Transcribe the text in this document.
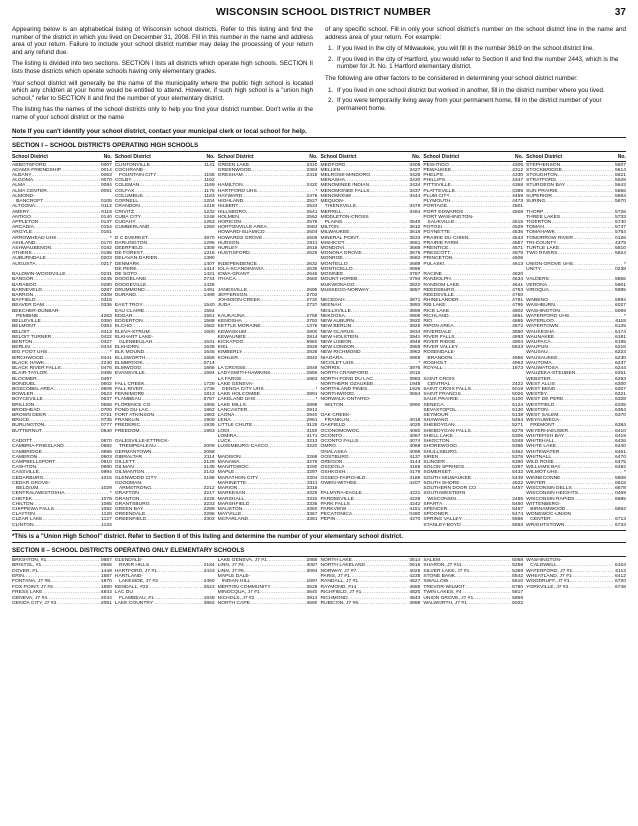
WISCONSIN SCHOOL DISTRICT NUMBER	37

Appearing below is an alphabetical listing of Wisconsin school districts. Refer to this listing and find the number of the district in which you lived on December 31, 2008. Fill in this number in the name and address area of your return. Failure to include your school district number may delay the processing of your return and any refund due.

The listing is divided into two sections. SECTION I lists all districts which operate high schools. SECTION II lists those districts which operate schools having only elementary grades.

Your school district will generally be the name of the municipality where the public high school is located which any children at your home would be entitled to attend. However, if such high school is a "union high school," refer to SECTION II and find the number of your elementary district.

The listing has the names of the school districts only to help you find your district number. Don't write in the name of your school district or the name

of any specific school. Fill in only your school district's number on the school district line in the name and address area of your return. For example:

1. If you lived in the city of Milwaukee, you will fill in the number 3619 on the school district line.
2. If you lived in the city of Hartford, you would refer to Section II and find the number 2443, which is the number for Jt. No. 1 Hartford elementary district.

The following are other factors to be considered in determining your school district number:

1. If you lived in one school district but worked in another, fill in the district number where you lived.
2. If you were temporarily living away from your permanent home, fill in the district number of your permanent home.
Note If you can't identify your school district, contact your municipal clerk or local school for help.
SECTION I – SCHOOL DISTRICTS OPERATING HIGH SCHOOLS
School District	No.
ABBOTSFORD .....	0007
ADAMS-FRIENDSHIP .....	0014
ALBANY .....	0063
ALGOMA .....	0070
ALMA .....	0084
ALMA CENTER .....	0091
ALMOND-
BANCROFT .....	0105
ALTOONA .....	0112
AMERY .....	0119
ANTIGO .....	0140
APPLETON .....	0147
ARCADIA .....	0154
ARGYLE .....	0161
ARROWHEAD UHS .....	*
ASHLAND .....	0170
ASHWAUBENON .....	0182
ATHENS .....	0196
AUBURNDALE .....	0203
AUGUSTA .....	0217

BALDWIN-WOODVILLE .....	0231
BANGOR .....	0245
BARABOO .....	0280
BARNEVELD .....	0287
BARRON .....	0308
BAYFIELD .....	0315
BEAVER DAM .....	0336
BEECHER-DUNBAR-
PEMBINE .....	4263
BELLEVILLE .....	0350
BELMONT .....	0364
BELOIT .....	0413
BELOIT TURNER .....	0422
BENTON .....	0427
BERLIN .....	0434
BIG FOOT UHS .....	*
BIRCHWOOD .....	0441
BLACK HAWK .....	2240
BLACK RIVER FALLS .....	0476
BLAIR-TAYLOR .....	0485
BLOOMER .....	0497
BONDUEL .....	0602
BOSCOBEL AREA .....	0609
BOWLER .....	0623
BOYCEVILLE .....	0637
BRILLION .....	0658
BRODHEAD .....	0700
BROWN DEER .....	0721
BRUCE .....	0735
BURLINGTON .....	0777
BUTTERNUT .....	0840

CADOTT .....	0870
CAMBRIA-FRIESLAND .....	0882
CAMBRIDGE .....	0896
CAMERON .....	0903
CAMPBELLSPORT .....	0910
CASHTON .....	0980
CASSVILLE .....	0994
CEDARBURG .....	1015
CEDAR GROVE-
BELGIUM .....	1029
CENTRAL/WESTOSHA .....	*
CHETEK .....	1078
CHILTON .....	1085
CHIPPEWA FALLS .....	1092
CLAYTON .....	1120
CLEAR LAKE .....	1127
CLINTON .....	1134
School District	No.
CLINTONVILLE .....	1141
COCHRANE-
FOUNTAIN CITY .....	1155
COLBY .....	1162
COLEMAN .....	1169
COLFAX .....	1176
COLUMBUS .....	1183
CORNELL .....	1204
CRANDON .....	1218
CRIVITZ .....	1232
CUBA CITY .....	1246
CUDAHY .....	1253
CUMBERLAND .....	1260

D C EVEREST .....	4970
DARLINGTON .....	1295
DEERFIELD .....	1309
DE FOREST .....	1316
DELAVAN-DARIEN .....	1380
DENMARK .....	1407
DE PERE .....	1414
DE SOTO .....	1421
DODGELAND .....	2744
DODGEVILLE .....	1428
DRUMMOND .....	1491
DURAND .....	1499

EAST TROY .....	1540
EAU CLAIRE .....	1554
EDGAR .....	1561
EDGERTON .....	1568
ELCHO .....	1582
ELEVA-STRUM .....	1600
ELKHART LAKE-
GLENBEULAH .....	1631
ELKHORN .....	1638
ELK MOUND .....	1645
ELLSWORTH .....	1659
ELMBROOK .....	0714
ELMWOOD .....	1666
EVANSVILLE .....	1694

FALL CREEK .....	1729
FALL RIVER .....	1736
FENNIMORE .....	1813
FLAMBEAU .....	5757
FLORENCE CO .....	1855
FOND DU LAC .....	1862
FORT ATKINSON .....	1883
FRANKLIN .....	1900
FREDERIC .....	1939
FREEDOM .....	1953

GALESVILLE-ETTRICK-
TREMPEALEAU .....	2009
GERMANTOWN .....	2058
GIBRALTAR .....	2114
GILLETT .....	2128
GILMAN .....	2135
GILMANTON .....	2142
GLENWOOD CITY .....	2198
GOODMAN-
ARMSTRONG .....	2212
GRAFTON .....	2217
GRANTON .....	2226
GRANTSBURG .....	2233
GREEN BAY .....	2289
GREENDALE .....	2296
GREENFIELD .....	2303
School District	No.
GREEN LAKE .....	2310
GREENWOOD .....	2394
GRESHAM .....	2415

HAMILTON .....	2420
HARTFORD UHS .....	*
HAYWARD .....	2478
HIGHLAND .....	2527
HILBERT .....	2534
HILLSBORO .....	2541
HOLMEN .....	2562
HORICON .....	2576
HORTONVILLE AREA .....	2583
HOWARD-SUAMICO .....	2604
HOWARDS GROVE .....	2605
HUDSON .....	2611
HURLEY .....	2618
HUSTISFORD .....	2625

INDEPENDENCE .....	2632
IOLA-SCANDINAVIA .....	2639
IOWA-GRANT .....	2646
ITHACA .....	2660

JANESVILLE .....	2695
JEFFERSON .....	2702
JOHNSON CREEK .....	2730
JUDA .....	2737

KAUKAUNA .....	2758
KENOSHA .....	2793
KETTLE MORAINE .....	1376
KEWASKUM .....	2800
KEWAUNEE .....	2814
KICKAPOO .....	5960
KIEL .....	2828
KIMBERLY .....	2835
KOHLER .....	2842

LA CROSSE .....	2849
LADYSMITH-HAWKINS .....	2856
LA FARGE .....	2863
LAKE GENEVA-
GENOA CITY UHS .....	*
LAKE HOLCOMBE .....	2891
LAKELAND UHS .....	*
LAKE MILLS .....	2898
LANCASTER .....	2912
LAONA .....	2940
LENA .....	2961
LITTLE CHUTE .....	3129
LODI .....	3150
LOMIRA .....	3171
LUCK .....	3213
LUXEMBURG-CASCO .....	3220

MADISON .....	3269
MANAWA .....	3276
MANITOWOC .....	3290
MAPLE .....	3297
MARATHON CITY .....	3304
MARINETTE .....	3311
MARION .....	3318
MARKESAN .....	3325
MARSHALL .....	3332
MARSHFIELD .....	3339
MAUSTON .....	3360
MAYVILLE .....	3367
MCFARLAND .....	3381
School District	No.
MEDFORD .....	3409
MELLEN .....	3427
MELROSE-MINDORO .....	3428
MENASHA .....	3430
MENOMINEE INDIAN .....	3434
MENOMONEE FALLS .....	3437
MENOMONIE .....	3444
MEQUON-
THIENSVILLE .....	3479
MERRILL .....	3484
MIDDLETON-CROSS
PLAINS .....	3549
MILTON .....	3612
MILWAUKEE .....	3619
MINERAL POINT .....	3633
MISHICOT .....	3661
MONDOVI .....	3668
MONONA GROVE .....	3675
MONROE .....	3682
MONTELLO .....	3689
MONTICELLO .....	3696
MOSINEE .....	3787
MOUNT HOREB .....	3794
MUKWONAGO .....	3822
MUSKEGO-NORWAY .....	3857

NECEDAH .....	3871
NEENAH .....	3892
NEILLSVILLE .....	3899
NEKOOSA .....	3906
NEW AUBURN .....	3920
NEW BERLIN .....	3925
NEW GLARUS .....	3934
NEW HOLSTEIN .....	3941
NEW LISBON .....	3948
NEW LONDON .....	3955
NEW RICHMOND .....	3962
NIAGARA .....	3969
NICOLET UHS .....	*
NORRIS .....	3976
NORTH CRAWFORD .....	2016
NORTH FOND DU LAC .....	3983
NORTHERN OZAUKEE .....	1945
NORTHLAND PINES .....	1526
NORTHWOOD .....	3654
NORWALK-ONTARIO-
WILTON .....	3990

OAK CREEK-
FRANKLIN .....	4018
OAKFIELD .....	4025
OCONOMOWOC .....	4060
OCONTO .....	4067
OCONTO FALLS .....	4074
OMRO .....	4088
ONALASKA .....	4095
OOSTBURG .....	4137
OREGON .....	4144
OSCEOLA .....	4165
OSHKOSH .....	4179
OSSEO-FAIRCHILD .....	4186
OWEN-WITHEE .....	4207

PALMYRA-EAGLE .....	4221
PARDEEVILLE .....	4228
PARK FALLS .....	4242
PARKVIEW .....	4151
PECATONICA .....	0490
PEPIN .....	4270
School District	No.
PESHTIGO .....	4305
PEWAUKEE .....	4312
PHELPS .....	4330
PHILLIPS .....	4347
PITTSVILLE .....	4368
PLATTEVILLE .....	4389
PLUM CITY .....	4459
PLYMOUTH .....	4473
PORTAGE .....	4501
PORT EDWARDS .....	4508
PORT WASHINGTON-
SAUKVILLE .....	4515
POTOSI .....	4529
POYNETTE .....	4536
PRAIRIE DU CHIEN .....	4543
PRAIRIE FARM .....	4557
PRENTICE .....	4571
PRESCOTT .....	4578
PRINCETON .....	4606
PULASKI .....	4613

RACINE .....	4620
RANDOLPH .....	4634
RANDOM LAKE .....	4641
REEDSBURG .....	4753
REEDSVILLE .....	4760
RHINELANDER .....	4781
RIB LAKE .....	4795
RICE LAKE .....	4802
RICHLAND .....	4851
RIO .....	4865
RIPON AREA .....	4872
RIVERDALE .....	3850
RIVER FALLS .....	4893
RIVER RIDGE .....	4904
RIVER VALLEY .....	5523
ROSENDALE-
BRANDON .....	4956
ROSHOLT .....	4963
ROYALL .....	1673

SAINT CROIX
CENTRAL .....	2422
SAINT CROIX FALLS .....	5019
SAINT FRANCIS .....	5026
SAUK PRAIRIE .....	5100
SENECA .....	5124
SEVASTOPOL .....	5130
SEYMOUR .....	5138
SHAWANO .....	5264
SHEBOYGAN .....	5271
SHEBOYGAN FALLS .....	5278
SHELL LAKE .....	5306
SHIOCTON .....	5348
SHOREWOOD .....	5355
SHULLSBURG .....	5362
SIREN .....	5376
SLINGER .....	5390
SOLON SPRINGS .....	5397
SOMERSET .....	5432
SOUTH MILWAUKEE .....	5439
SOUTH SHORE .....	4522
SOUTHERN DOOR CO .....	5457
SOUTHWESTERN
WISCONSIN .....	2485
SPARTA .....	5460
SPENCER .....	5467
SPOONER .....	5474
SPRING VALLEY .....	5586
STANLEY-BOYD .....	5593
School District	No.
STEPHENSON .....	5607
STOCKBRIDGE .....	5614
STOUGHTON .....	5621
STRATFORD .....	5628
STURGEON BAY .....	5642
SUN PRAIRIE .....	5656
SUPERIOR .....	5663
SURING .....	5670

THORP .....	5726
THREE LAKES .....	5733
TIGERTON .....	5740
TOMAH .....	5747
TOMAHAWK .....	5754
TOMORROW RIVER .....	0126
TRI-COUNTY .....	4375
TURTLE LAKE .....	5810
TWO RIVERS .....	5824

UNION GROVE UHS .....	*
UNITY .....	0238

VALDERS .....	5866
VERONA .....	5901
VIROQUA .....	5985

WABENO .....	5992
WASHBURN .....	6027
WASHINGTON .....	6069
WATERFORD UHS .....	*
WATERLOO .....	6118
WATERTOWN .....	6125
WAUKESHA .....	6174
WAUNAKEE .....	6181
WAUPACA .....	6195
WAUPUN .....	6216
WAUSAU .....	6223
WAUSAUKEE .....	6230
WAUTOMA .....	6237
WAUWATOSA .....	6244
WAUZEKA-STEUBEN .....	6251
WEBSTER .....	6293
WEST ALLIS .....	6300
WEST BEND .....	6307
WESTBY .....	6321
WEST DE PERE .....	6328
WESTFIELD .....	6335
WESTON .....	6354
WEST SALEM .....	6370
WEYAUWEGA-
FREMONT .....	6384
WEYERHAEUSER .....	6410
WHITEFISH BAY .....	6419
WHITEHALL .....	6426
WHITE LAKE .....	6440
WHITEWATER .....	6461
WHITNALL .....	6470
WILD ROSE .....	6475
WILLIAMS BAY .....	6482
WILMOT UHS .....	*
WINNECONNE .....	6608
WINTER .....	6615
WISCONSIN DELLS .....	6678
WISCONSIN HEIGHTS .....	0469
WISCONSIN RAPIDS .....	6685
WITTENBERG-
BIRNAMWOOD .....	6692
WONEWOC-UNION
CENTER .....	6713
WRIGHTSTOWN .....	6734
*This is a "Union High School" district. Refer to Section II of this listing and determine the number of your elementary school district.
SECTION II – SCHOOL DISTRICTS OPERATING ONLY ELEMENTARY SCHOOLS
BRIGHTON, #1 .....	0657
BRISTOL, #1 .....	0665
DOVER, #1 .....	1449
ERIN .....	1687
FONTANA, J7 #8 .....	1870
FOX POINT, J7 #2 .....	1890
FRESS LAKE .....	4843
GENEVA, J7 #4 .....	2044
GENOA CITY, J7 #2 .....	2051
GLENDALE-
RIVER HILLS .....	2184
HARTFORD, J7 #1 .....	2443
HARTLAND-
LAKESIDE, J7 #3 .....	2460
KENDALL, #22 .....	2523
LAC DU
FLAMBEAU, #1 .....	1848
LAKE COUNTRY .....	3862
LAKE GENEVA, J7 #1 .....	2885
LINN, J7 #4 .....	3087
LINN, J7 #6 .....	3094
MAPLE DALE-
INDIAN HILL .....	1897
MERTON COMMUNITY .....	3528
MINOCQUA, J7 #1 .....	3640
NICHOLS, J7 #2 .....	3913
NORTH CAPE .....	4690
NORTH LAKE .....	3514
NORTH LAKELAND .....	0616
NORWAY, J7 #7 .....	4025
PARIS, J7 #1 .....	4235
RANDALL, J7 #1 .....	4627
RAYMOND, #14 .....	4686
RICHFIELD, J7 #1 .....	4820
RICHMOND .....	4843
RUBICON, J7 #6 .....	4998
SALEM .....	5068
SHARON, J7 #11 .....	5258
SILVER LAKE, J7 #1 .....	5369
STONE BANK .....	5542
SWALLOW .....	5510
TREVOR-WILMOT .....	5780
TWIN LAKES, #4 .....	5817
UNION GROVE, J7 #1 .....	5859
WALWORTH, J7 #1 .....	6022
WASHINGTON-
CALDWELL .....	6104
WATERFORD, J7 #1 .....	6113
WHEATLAND, J7 #1 .....	6412
WOODRUFF, J7 #1 .....	6720
YORKVILLE, J7 #2 .....	6748
